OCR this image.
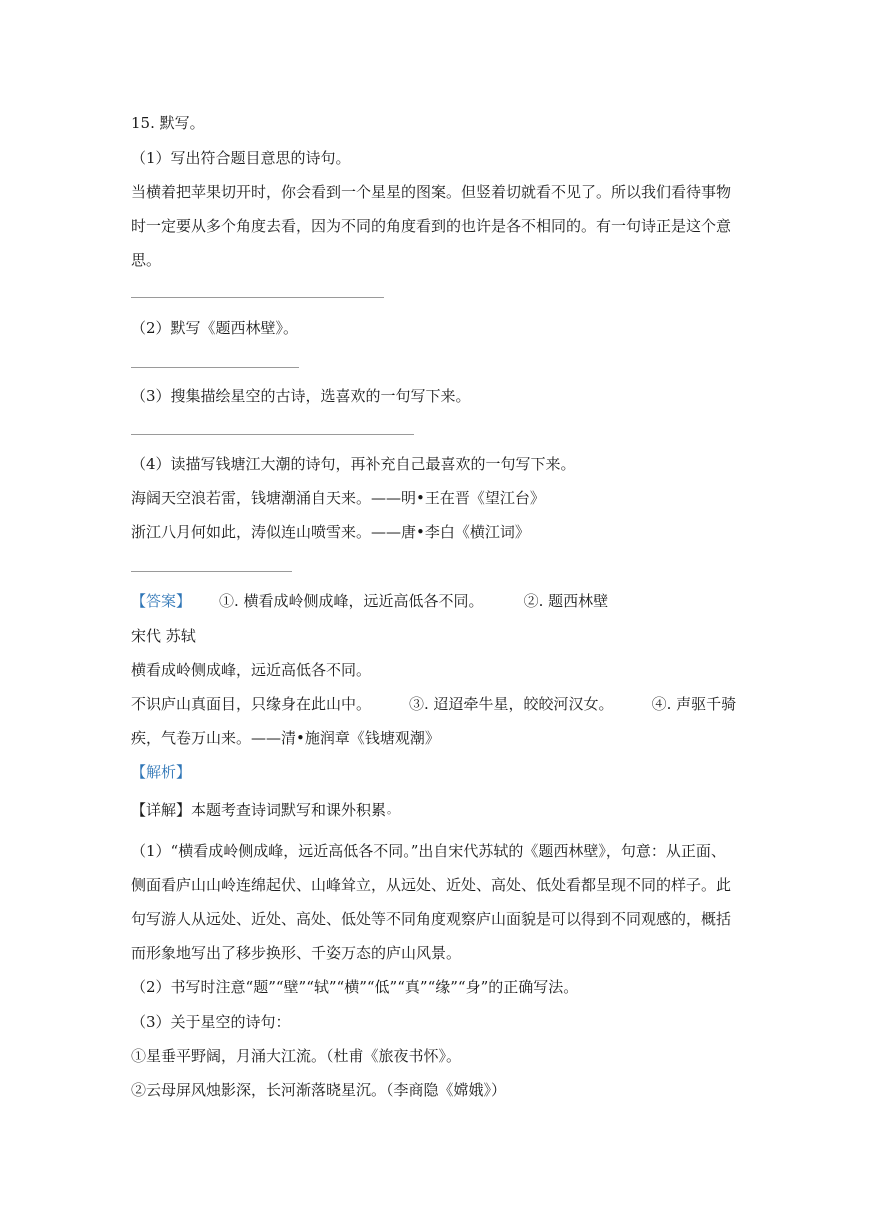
15. 默写。
（1）写出符合题目意思的诗句。
当横着把苹果切开时，你会看到一个星星的图案。但竖着切就看不见了。所以我们看待事物
时一定要从多个角度去看，因为不同的角度看到的也许是各不相同的。有一句诗正是这个意
思。
（2）默写《题西林壁》。
（3）搜集描绘星空的古诗，选喜欢的一句写下来。
（4）读描写钱塘江大潮的诗句，再补充自己最喜欢的一句写下来。
海阔天空浪若雷，钱塘潮涌自天来。——明•王在晋《望江台》
浙江八月何如此，涛似连山喷雪来。——唐•李白《横江词》
【答案】 ①. 横看成岭侧成峰，远近高低各不同。	②. 题西林壁
宋代 苏轼
横看成岭侧成峰，远近高低各不同。
不识庐山真面目，只缘身在此山中。	③. 迢迢牵牛星，皎皎河汉女。	④. 声驱千骑
疾，气卷万山来。——清•施润章《钱塘观潮》
【解析】
【详解】本题考查诗词默写和课外积累。
（1）“横看成岭侧成峰，远近高低各不同。”出自宋代苏轼的《题西林壁》，句意：从正面、
侧面看庐山山岭连绵起伏、山峰耸立，从远处、近处、高处、低处看都呈现不同的样子。此
句写游人从远处、近处、高处、低处等不同角度观察庐山面貌是可以得到不同观感的，概括
而形象地写出了移步换形、千姿万态的庐山风景。
（2）书写时注意“题”“壁”“轼”“横”“低”“真”“缘”“身”的正确写法。
（3）关于星空的诗句：
①星垂平野阔，月涌大江流。（杜甫《旅夜书怀》。
②云母屏风烛影深，长河渐落晓星沉。（李商隐《嫦娥》）
